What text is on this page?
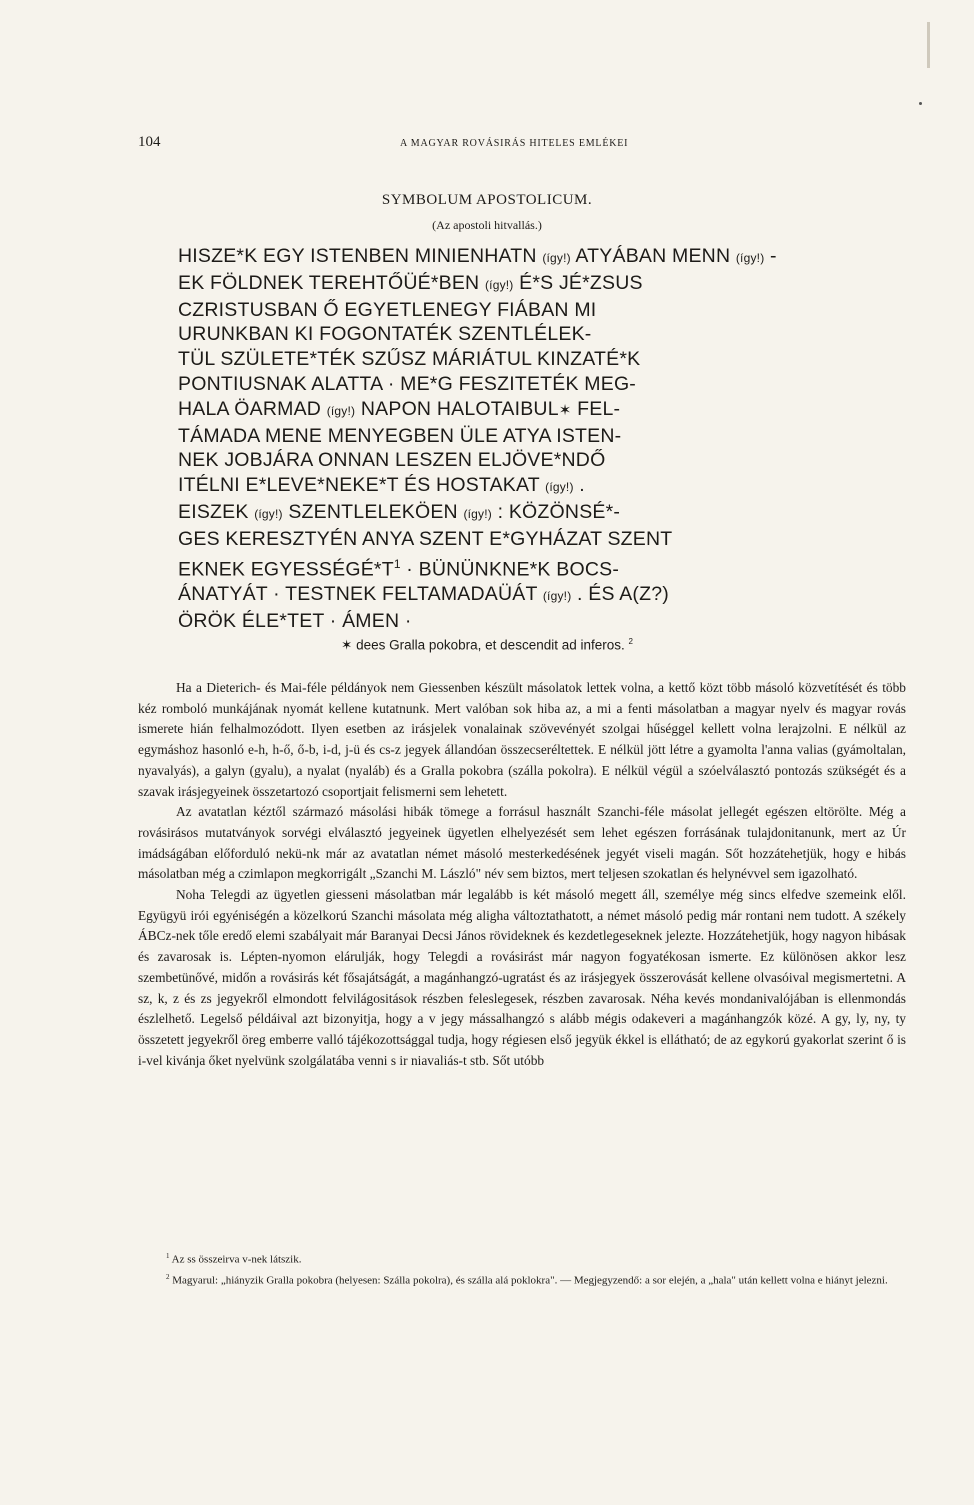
104	A MAGYAR ROVÁSIRÁS HITELES EMLÉKEI
SYMBOLUM APOSTOLICUM.
(Az apostoli hitvallás.)
HISZE*K EGY ISTENBEN MINIENHATN (így!) ATYÁBAN MENN (így!) -
EK FÖLDNEK TEREHTŐÜÉ*BEN (így!) É*S JÉ*ZSUS
CZRISTUSBAN Ő EGYETLENEGY FIÁBAN MI
URUNKBAN KI FOGONTATÉK SZENTLÉLEK-
TÜL SZÜLETE*TÉK SZŰSZ MÁRIÁTUL KINZATÉ*K
PONTIUSNAK ALATTA · ME*G FESZITETÉK MEG-
HALA ÖARMAD (így!) NAPON HALOTAIBUL✶ FEL-
TÁMADA MENE MENYEGBEN ÜLE ATYA ISTEN-
NEK JOBJÁRA ONNAN LESZEN ELJÖVE*NDŐ
ITÉLNI E*LEVE*NEKE*T ÉS HOSTAKAT (így!) .
EISZEK (így!) SZENTLELEKÖEN (így!) : KÖZÖNSÉ*-
GES KERESZTYÉN ANYA SZENT E*GYHÁZAT SZENT
EKNEK $EGYESSÉGÉ*T^1$ · BÜNÜNKNE*K BOCS-
ÁNATYÁT · TESTNEK FELTAMADAÜÁT (így!) . ÉS A(Z?)
ÖRÖK ÉLE*TET · ÁMEN ·
✶ dees Gralla pokobra, et descendit ad inferos. $^2$

Ha a Dieterich- és Mai-féle példányok nem Giessenben készült másolatok lettek volna, a kettő közt több másoló közvetítését és több kéz romboló munkájának nyomát kellene kutatnunk. Mert valóban sok hiba az, a mi a fenti másolatban a magyar nyelv és magyar rovás ismerete hián felhalmozódott. Ilyen esetben az irásjelek vonalainak szövevényét szolgai hűséggel kellett volna lerajzolni. E nélkül az egymáshoz hasonló e-h, h-ő, ő-b, i-d, j-ü és cs-z jegyek állandóan összecseréltettek. E nélkül jött létre a gyamolta l'anna valias (gyámoltalan, nyavalyás), a galyn (gyalu), a nyalat (nyaláb) és a Gralla pokobra (szálla pokolra). E nélkül végül a szóelválasztó pontozás szükségét és a szavak irásjegyeinek összetartozó csoportjait felismerni sem lehetett.

Az avatatlan kéztől származó másolási hibák tömege a forrásul használt Szanchi-féle másolat jellegét egészen eltörölte. Még a rovásirásos mutatványok sorvégi elválasztó jegyeinek ügyetlen elhelyezését sem lehet egészen forrásának tulajdonitanunk, mert az Úr imádságában előforduló nekü-nk már az avatatlan német másoló mesterkedésének jegyét viseli magán. Sőt hozzátehetjük, hogy e hibás másolatban még a czimlapon megkorrigált „Szanchi M. László" név sem biztos, mert teljesen szokatlan és helynévvel sem igazolható.

Noha Telegdi az ügyetlen giesseni másolatban már legalább is két másoló megett áll, személye még sincs elfedve szemeink elől. Együgyü irói egyéniségén a közelkorú Szanchi másolata még aligha változtathatott, a német másoló pedig már rontani nem tudott. A székely ÁBCz-nek tőle eredő elemi szabályait már Baranyai Decsi János rövideknek és kezdetlegeseknek jelezte. Hozzátehetjük, hogy nagyon hibásak és zavarosak is. Lépten-nyomon elárulják, hogy Telegdi a rovásirást már nagyon fogyatékosan ismerte. Ez különösen akkor lesz szembetünővé, midőn a rovásirás két fősajátságát, a magánhangzó-ugratást és az irásjegyek összerovását kellene olvasóival megismertetni. A sz, k, z és zs jegyekről elmondott felvilágositások részben feleslegesek, részben zavarosak. Néha kevés mondanivalójában is ellenmondás észlelhető. Legelső példáival azt bizonyitja, hogy a v jegy mássalhangzó s alább mégis odakeveri a magánhangzók közé. A gy, ly, ny, ty összetett jegyekről öreg emberre valló tájékozottsággal tudja, hogy régiesen első jegyük ékkel is ellátható; de az egykorú gyakorlat szerint ő is i-vel kivánja őket nyelvünk szolgálatába venni s ir niavaliás-t stb. Sőt utóbb

$^1$ Az ss összeirva v-nek látszik.

$^2$ Magyarul: „hiányzik Gralla pokobra (helyesen: Szálla pokolra), és szálla alá poklokra". — Megjegyzendő: a sor elején, a „hala" után kellett volna e hiányt jelezni.
